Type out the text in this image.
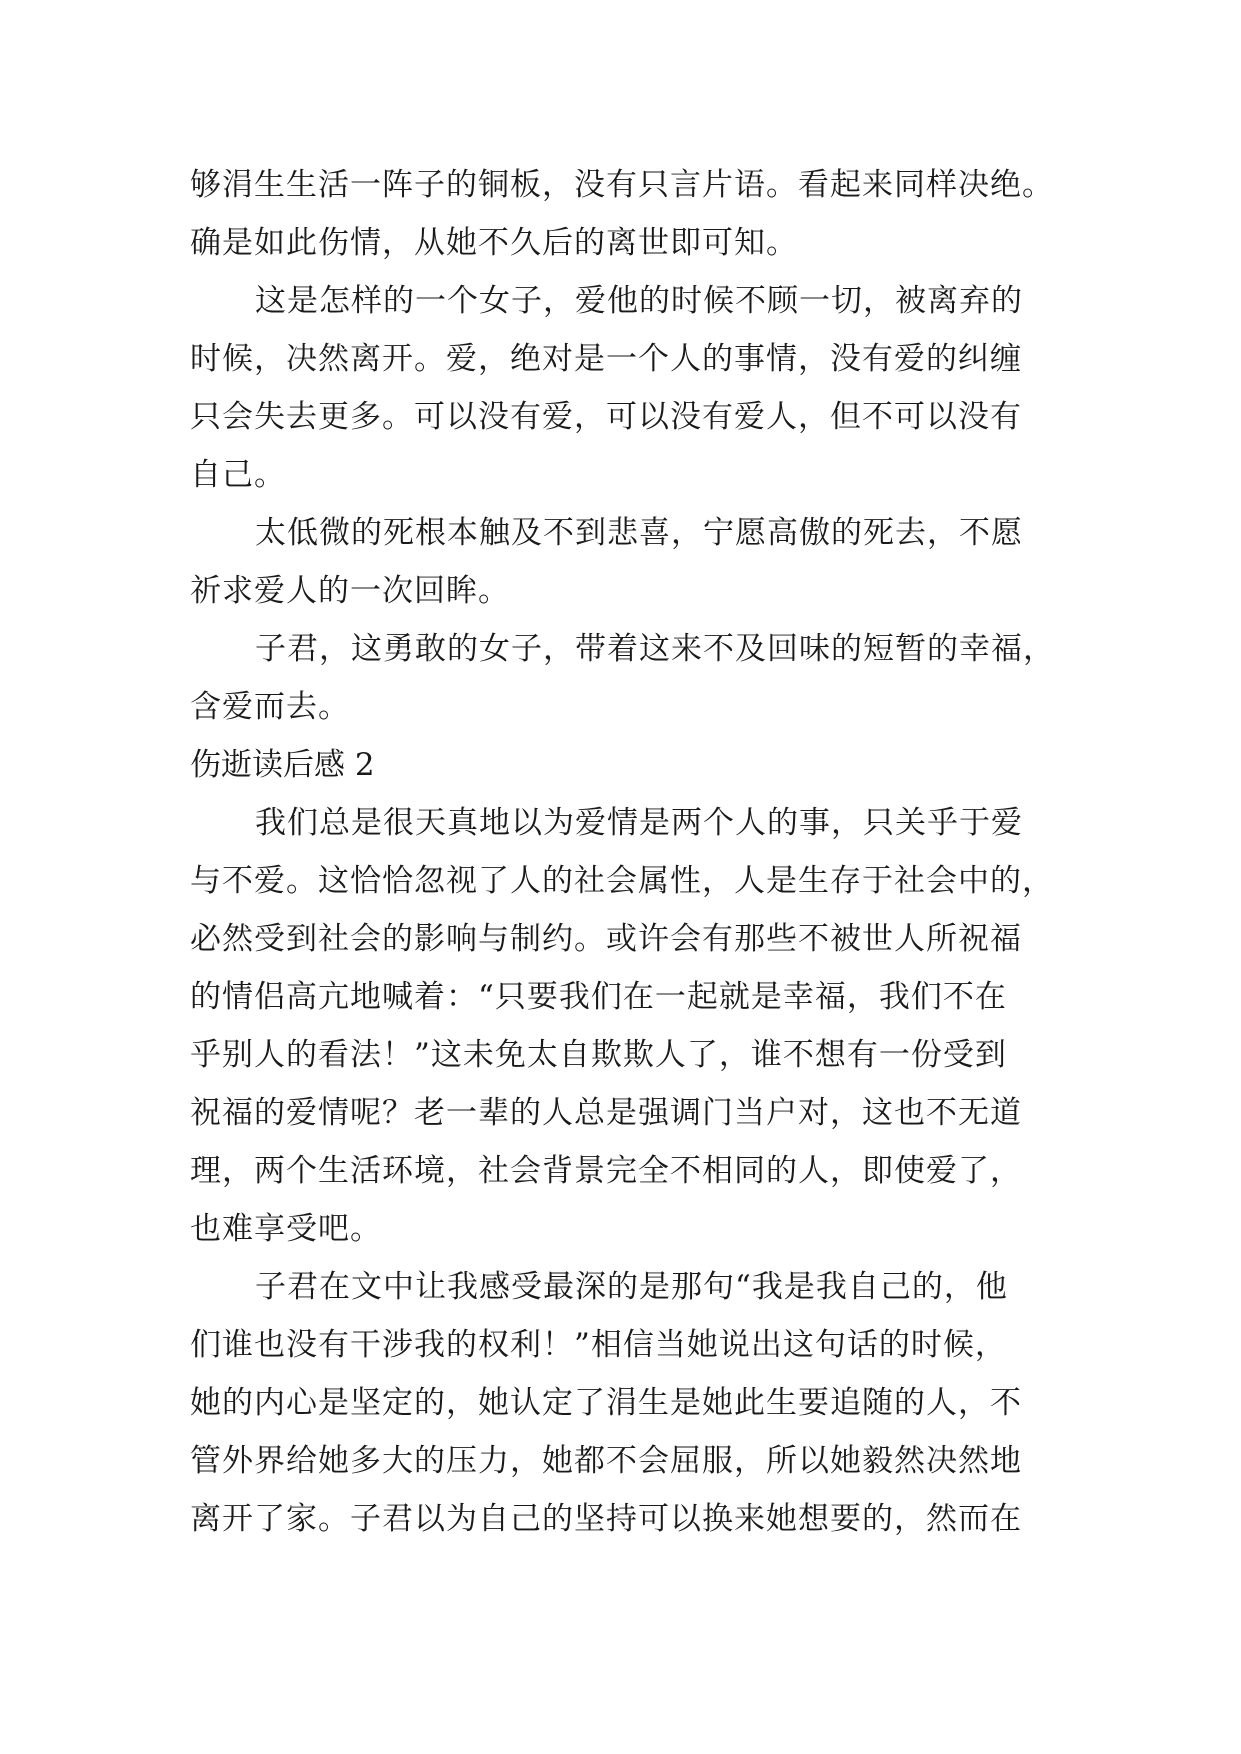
够涓生生活一阵子的铜板，没有只言片语。看起来同样决绝。
确是如此伤情，从她不久后的离世即可知。
这是怎样的一个女子，爱他的时候不顾一切，被离弃的
时候，决然离开。爱，绝对是一个人的事情，没有爱的纠缠
只会失去更多。可以没有爱，可以没有爱人，但不可以没有
自己。
太低微的死根本触及不到悲喜，宁愿高傲的死去，不愿
祈求爱人的一次回眸。
子君，这勇敢的女子，带着这来不及回味的短暂的幸福，
含爱而去。
伤逝读后感 2
我们总是很天真地以为爱情是两个人的事，只关乎于爱
与不爱。这恰恰忽视了人的社会属性，人是生存于社会中的，
必然受到社会的影响与制约。或许会有那些不被世人所祝福
的情侣高亢地喊着：“只要我们在一起就是幸福，我们不在
乎别人的看法！”这未免太自欺欺人了，谁不想有一份受到
祝福的爱情呢？老一辈的人总是强调门当户对，这也不无道
理，两个生活环境，社会背景完全不相同的人，即使爱了，
也难享受吧。
子君在文中让我感受最深的是那句“我是我自己的，他
们谁也没有干涉我的权利！”相信当她说出这句话的时候，
她的内心是坚定的，她认定了涓生是她此生要追随的人，不
管外界给她多大的压力，她都不会屈服，所以她毅然决然地
离开了家。子君以为自己的坚持可以换来她想要的，然而在
